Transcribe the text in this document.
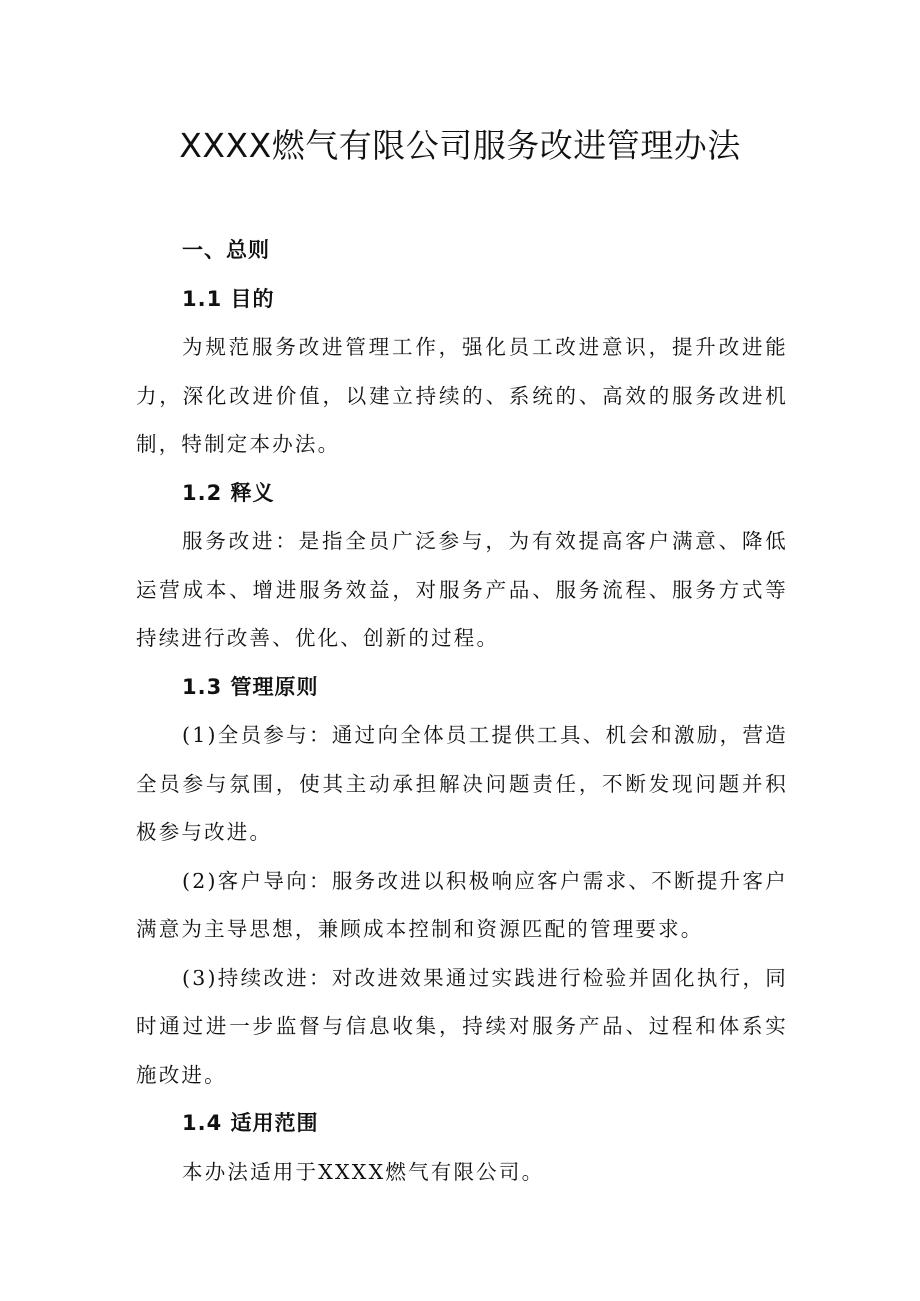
XXXX燃气有限公司服务改进管理办法

一、总则

1.1 目的

为规范服务改进管理工作，强化员工改进意识，提升改进能力，深化改进价值，以建立持续的、系统的、高效的服务改进机制，特制定本办法。

1.2 释义

服务改进：是指全员广泛参与，为有效提高客户满意、降低运营成本、增进服务效益，对服务产品、服务流程、服务方式等持续进行改善、优化、创新的过程。

1.3 管理原则

(1)全员参与：通过向全体员工提供工具、机会和激励，营造全员参与氛围，使其主动承担解决问题责任，不断发现问题并积极参与改进。

(2)客户导向：服务改进以积极响应客户需求、不断提升客户满意为主导思想，兼顾成本控制和资源匹配的管理要求。

(3)持续改进：对改进效果通过实践进行检验并固化执行，同时通过进一步监督与信息收集，持续对服务产品、过程和体系实施改进。

1.4 适用范围

本办法适用于XXXX燃气有限公司。
